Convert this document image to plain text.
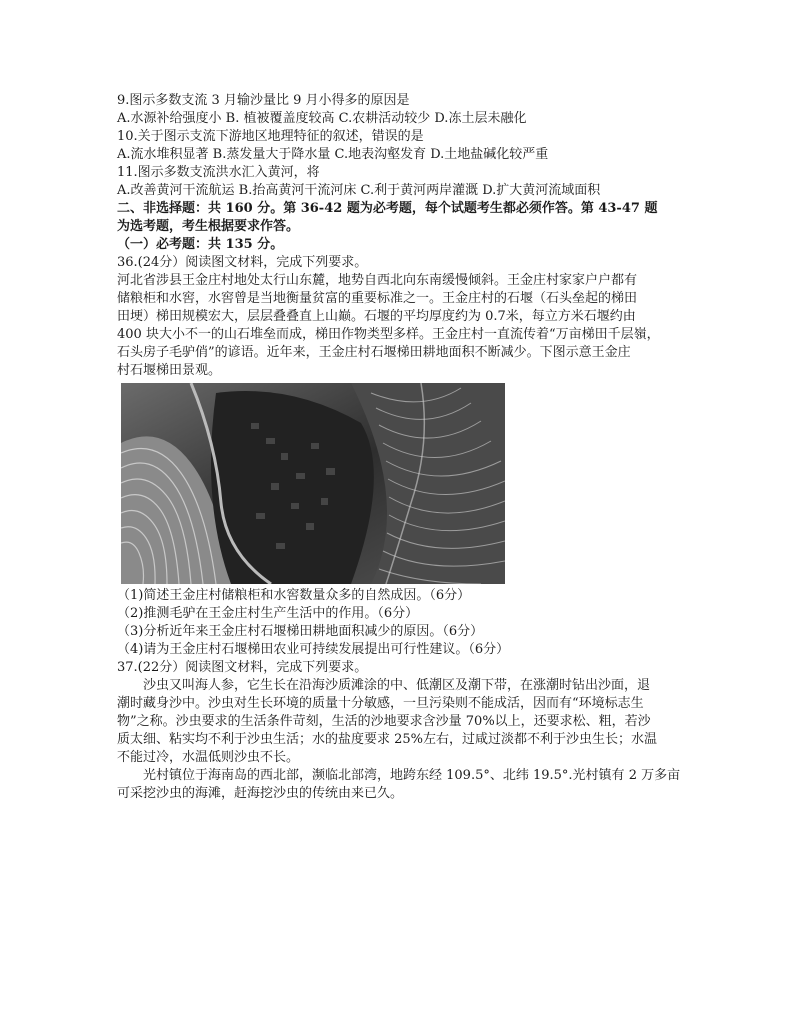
9.图示多数支流 3 月输沙量比 9 月小得多的原因是
A.水源补给强度小 B. 植被覆盖度较高 C.农耕活动较少 D.冻土层未融化
10.关于图示支流下游地区地理特征的叙述，错误的是
A.流水堆积显著 B.蒸发量大于降水量 C.地表沟壑发育 D.土地盐碱化较严重
11.图示多数支流洪水汇入黄河，将
A.改善黄河干流航运 B.抬高黄河干流河床 C.利于黄河两岸灌溉 D.扩大黄河流域面积
二、非选择题：共 160 分。第 36-42 题为必考题，每个试题考生都必须作答。第 43-47 题
为选考题，考生根据要求作答。
（一）必考题：共 135 分。
36.(24分）阅读图文材料，完成下列要求。
河北省涉县王金庄村地处太行山东麓，地势自西北向东南缓慢倾斜。王金庄村家家户户都有
储粮柜和水窖，水窖曾是当地衡量贫富的重要标准之一。王金庄村的石堰（石头垒起的梯田
田埂）梯田规模宏大，层层叠叠直上山巅。石堰的平均厚度约为 0.7米，每立方米石堰约由
400 块大小不一的山石堆垒而成，梯田作物类型多样。王金庄村一直流传着“万亩梯田千层嶺，
石头房子毛驴俏”的谚语。近年来，王金庄村石堰梯田耕地面积不断减少。下图示意王金庄
村石堰梯田景观。
（1)简述王金庄村储粮柜和水窖数量众多的自然成因。（6分）
（2)推测毛驴在王金庄村生产生活中的作用。（6分）
（3)分析近年来王金庄村石堰梯田耕地面积减少的原因。（6分）
（4)请为王金庄村石堰梯田农业可持续发展提出可行性建议。（6分）
37.(22分）阅读图文材料，完成下列要求。
沙虫又叫海人参，它生长在沿海沙质滩涂的中、低潮区及潮下带，在涨潮时钻出沙面，退
潮时藏身沙中。沙虫对生长环境的质量十分敏感，一旦污染则不能成活，因而有“环境标志生
物”之称。沙虫要求的生活条件苛刻，生活的沙地要求含沙量 70%以上，还要求松、粗，若沙
质太细、粘实均不利于沙虫生活；水的盐度要求 25%左右，过咸过淡都不利于沙虫生长；水温
不能过冷，水温低则沙虫不长。
光村镇位于海南岛的西北部，濒临北部湾，地跨东经 109.5°、北纬 19.5°.光村镇有 2 万多亩
可采挖沙虫的海滩，赶海挖沙虫的传统由来已久。
